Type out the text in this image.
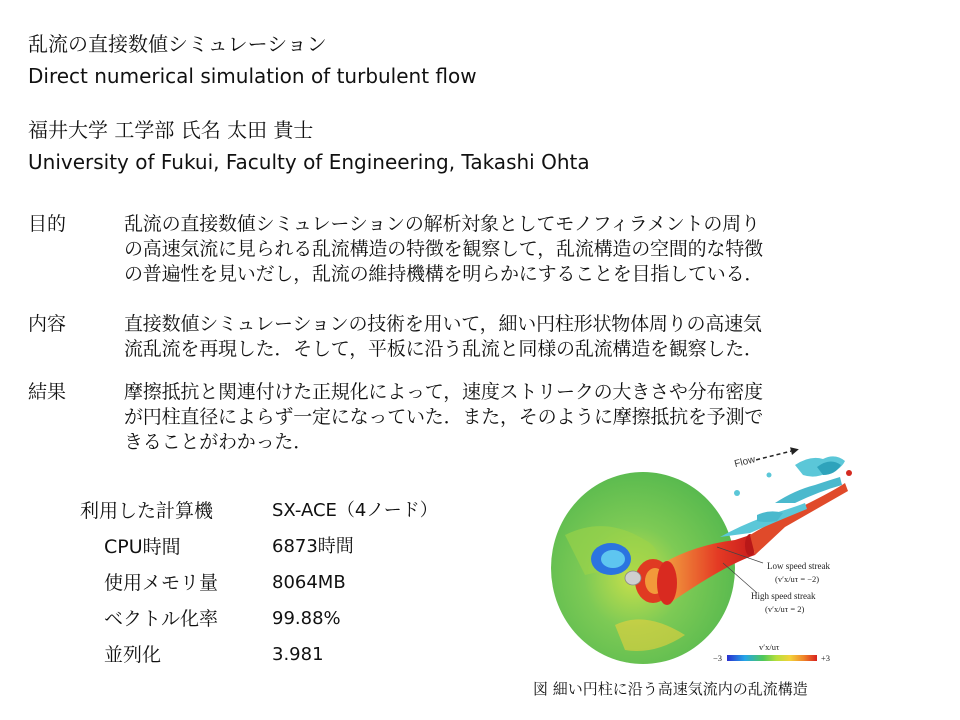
乱流の直接数値シミュレーション
Direct numerical simulation of turbulent flow
福井大学 工学部 氏名 太田 貴士
University of Fukui, Faculty of Engineering, Takashi Ohta
目的	乱流の直接数値シミュレーションの解析対象としてモノフィラメントの周り
の高速気流に見られる乱流構造の特徴を観察して，乱流構造の空間的な特徴
の普遍性を見いだし，乱流の維持機構を明らかにすることを目指している．
内容	直接数値シミュレーションの技術を用いて，細い円柱形状物体周りの高速気
流乱流を再現した．そして，平板に沿う乱流と同様の乱流構造を観察した．
結果	摩擦抵抗と関連付けた正規化によって，速度ストリークの大きさや分布密度
が円柱直径によらず一定になっていた．また，そのように摩擦抵抗を予測で
きることがわかった．
利用した計算機	SX-ACE（4ノード）
CPU時間	6873時間
使用メモリ量	8064MB
ベクトル化率	99.88%
並列化	3.981
Flow
Low speed streak
(v′x/uτ = −2)
High speed streak
(v′x/uτ = 2)
v′x/uτ
−3	+3
図 細い円柱に沿う高速気流内の乱流構造
